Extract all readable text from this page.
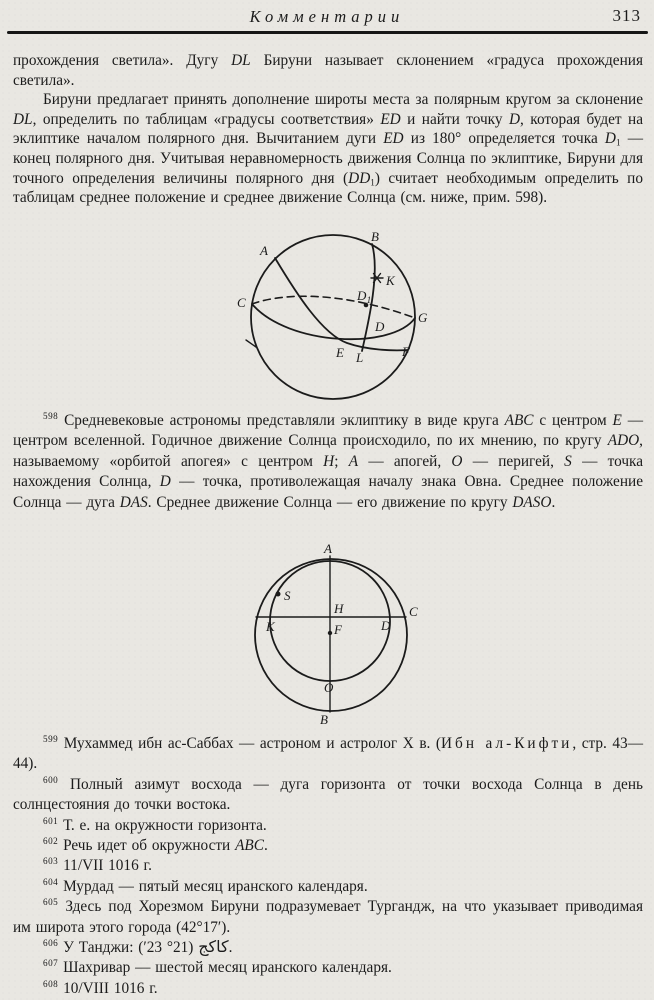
Комментарии	313

прохождения светила». Дугу DL Бируни называет склонением «градуса прохождения светила».

Бируни предлагает принять дополнение широты места за полярным кругом за склонение DL, определить по таблицам «градусы соответствия» ED и найти точку D, которая будет на эклиптике началом полярного дня. Вычитанием дуги ED из 180° определяется точка $D_1$ — конец полярного дня. Учитывая неравномерность движения Солнца по эклиптике, Бируни для точного определения величины полярного дня $(DD_1)$ считает необходимым определить по таблицам среднее положение и среднее движение Солнца (см. ниже, прим. 598).

A
B
K
C	D 1
G
D
E L	F

$^{598}$ Средневековые астрономы представляли эклиптику в виде круга ABC с центром E — центром вселенной. Годичное движение Солнца происходило, по их мнению, по кругу ADO, называемому «орбитой апогея» с центром H; A — апогей, O — перигей, S — точка нахождения Солнца, D — точка, противолежащая началу знака Овна. Среднее положение Солнца — дуга DAS. Среднее движение Солнца — его движение по кругу DASO.

A
S
H	C
K	D
F
O
B

$^{599}$ Мухаммед ибн ас-Саббах — астроном и астролог X в. (Ибн ал-Кифти, стр. 43—44).

$^{600}$ Полный азимут восхода — дуга горизонта от точки восхода Солнца в день солнцестояния до точки востока.

$^{601}$ Т. е. на окружности горизонта.

$^{602}$ Речь идет об окружности ABC.

$^{603}$ 11/VII 1016 г.

$^{604}$ Мурдад — пятый месяц иранского календаря.

$^{605}$ Здесь под Хорезмом Бируни подразумевает Тургандж, на что указывает приводимая им широта этого города (42°17′).

$^{606}$ У Танджи:	كاكج (21° 23′).

$^{607}$ Шахривар — шестой месяц иранского календаря.

$^{608}$ 10/VIII 1016 г.
